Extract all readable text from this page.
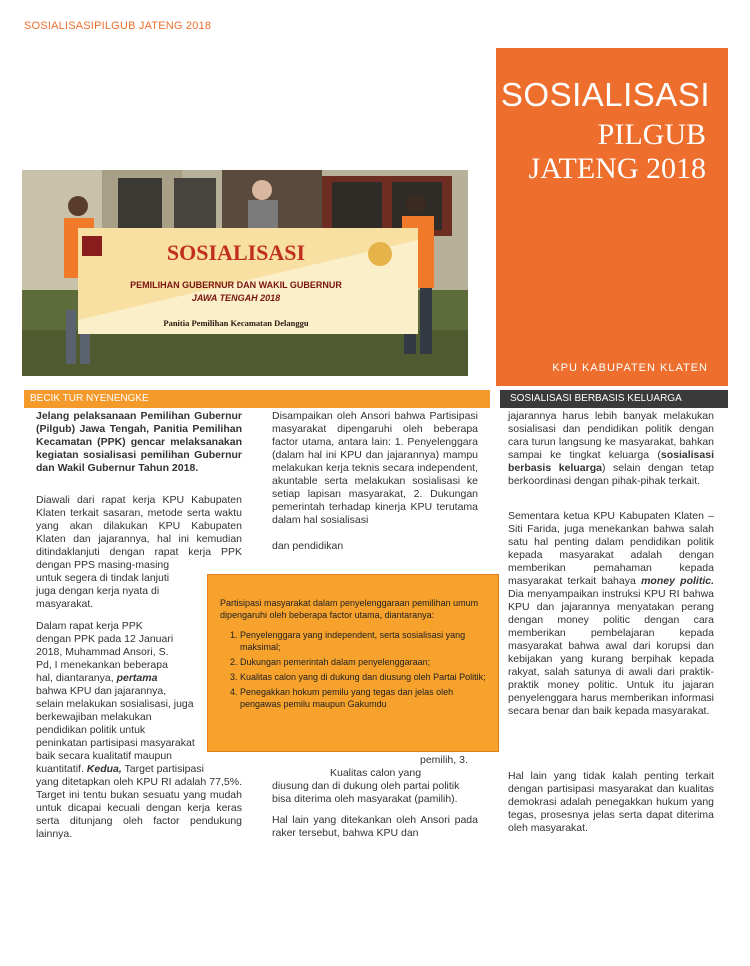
SOSIALISASIPILGUB JATENG 2018
SOSIALISASI
PILGUB
JATENG 2018
KPU KABUPATEN KLATEN
SOSIALISASI
PEMILIHAN GUBERNUR DAN WAKIL GUBERNUR
JAWA TENGAH 2018
Panitia Pemilihan Kecamatan Delanggu
BECIK TUR NYENENGKE	SOSIALISASI BERBASIS KELUARGA

Jelang pelaksanaan Pemilihan Gubernur (Pilgub) Jawa Tengah, Panitia Pemilihan Kecamatan (PPK) gencar melaksanakan kegiatan sosialisasi pemilihan Gubernur dan Wakil Gubernur Tahun 2018.

Diawali dari rapat kerja KPU Kabupaten Klaten terkait sasaran, metode serta waktu yang akan dilakukan KPU Kabupaten Klaten dan jajarannya, hal ini kemudian ditindaklanjuti dengan rapat kerja PPK dengan PPS masing-masing

untuk segera di tindak lanjuti

juga dengan kerja nyata di

masyarakat.

Dalam rapat kerja PPK

dengan PPK pada 12 Januari

2018, Muhammad Ansori, S.

Pd, I menekankan beberapa

hal, diantaranya, pertama

bahwa KPU dan jajarannya,

selain melakukan sosialisasi, juga

berkewajiban melakukan

pendidikan politik untuk

peninkatan partisipasi masyarakat

baik secara kualitatif maupun

kuantitatif. Kedua, Target partisipasi

yang ditetapkan oleh KPU RI adalah 77,5%. Target ini tentu bukan sesuatu yang mudah untuk dicapai kecuali dengan kerja keras serta ditunjang oleh factor pendukung lainnya.

Disampaikan oleh Ansori bahwa Partisipasi masyarakat dipengaruhi oleh beberapa factor utama, antara lain: 1. Penyelenggara (dalam hal ini KPU dan jajarannya) mampu melakukan kerja teknis secara independent, akuntable serta melakukan sosialisasi ke setiap lapisan masyarakat, 2. Dukungan pemerintah terhadap kinerja KPU terutama dalam hal sosialisasi

dan pendidikan

pemilih, 3.

Kualitas calon yang

diusung dan di dukung oleh partai politik bisa diterima oleh masyarakat (pamilih).

Hal lain yang ditekankan oleh Ansori pada raker tersebut, bahwa KPU dan

jajarannya harus lebih banyak melakukan sosialisasi dan pendidikan politik dengan cara turun langsung ke masyarakat, bahkan sampai ke tingkat keluarga (sosialisasi berbasis keluarga) selain dengan tetap berkoordinasi dengan pihak-pihak terkait.

Sementara ketua KPU Kabupaten Klaten – Siti Farida, juga menekankan bahwa salah satu hal penting dalam pendidikan politik kepada masyarakat adalah dengan memberikan pemahaman kepada masyarakat terkait bahaya money politic. Dia menyampaikan instruksi KPU RI bahwa KPU dan jajarannya menyatakan perang dengan money politic dengan cara memberikan pembelajaran kepada masyarakat bahwa awal dari korupsi dan kebijakan yang kurang berpihak kepada rakyat, salah satunya di awali dari praktik-praktik money politic. Untuk itu jajaran penyelenggara harus memberikan informasi secara benar dan baik kepada masyarakat.

Hal lain yang tidak kalah penting terkait dengan partisipasi masyarakat dan kualitas demokrasi adalah penegakkan hukum yang tegas, prosesnya jelas serta dapat diterima oleh masyarakat.

Partisipasi masyarakat dalam penyelenggaraan pemilihan umum dipengaruhi oleh beberapa factor utama, diantaranya:

1. Penyelenggara yang independent, serta sosialisasi yang maksimal;
2. Dukungan pemerintah dalam penyelenggaraan;
3. Kualitas calon yang di dukung dan diusung oleh Partai Politik;
4. Penegakkan hokum pemilu yang tegas dan jelas oleh pengawas pemilu maupun Gakumdu
